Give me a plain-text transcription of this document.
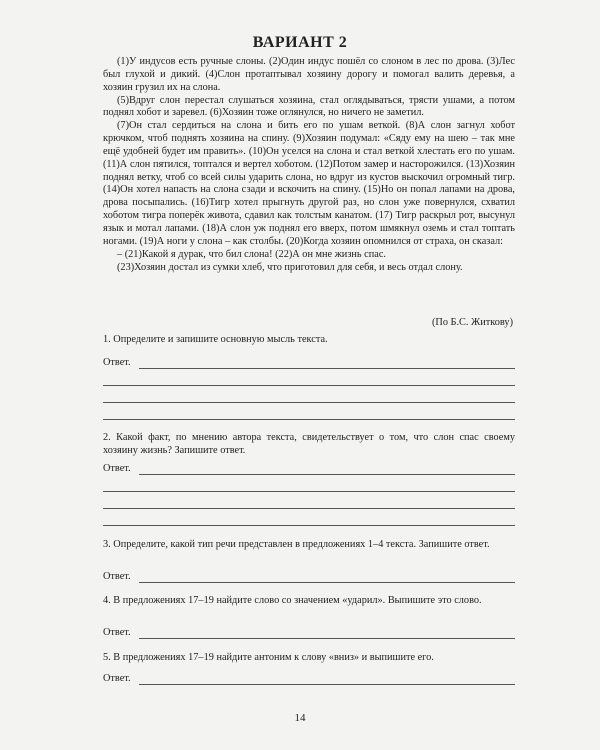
ВАРИАНТ 2

(1)У индусов есть ручные слоны. (2)Один индус пошёл со слоном в лес по дрова. (3)Лес был глухой и дикий. (4)Слон протаптывал хозяину дорогу и помогал валить деревья, а хозяин грузил их на слона.

(5)Вдруг слон перестал слушаться хозяина, стал оглядываться, трясти ушами, а потом поднял хобот и заревел. (6)Хозяин тоже оглянулся, но ничего не заметил.

(7)Он стал сердиться на слона и бить его по ушам веткой. (8)А слон загнул хобот крючком, чтоб поднять хозяина на спину. (9)Хозяин подумал: «Сяду ему на шею – так мне ещё удобней будет им править». (10)Он уселся на слона и стал веткой хлестать его по ушам. (11)А слон пятился, топтался и вертел хоботом. (12)Потом замер и насторожился. (13)Хозяин поднял ветку, чтоб со всей силы ударить слона, но вдруг из кустов выскочил огромный тигр. (14)Он хотел напасть на слона сзади и вскочить на спину. (15)Но он попал лапами на дрова, дрова посыпались. (16)Тигр хотел прыгнуть другой раз, но слон уже повернулся, схватил хоботом тигра поперёк живота, сдавил как толстым канатом. (17) Тигр раскрыл рот, высунул язык и мотал лапами. (18)А слон уж поднял его вверх, потом шмякнул оземь и стал топтать ногами. (19)А ноги у слона – как столбы. (20)Когда хозяин опомнился от страха, он сказал:

– (21)Какой я дурак, что бил слона! (22)А он мне жизнь спас.

(23)Хозяин достал из сумки хлеб, что приготовил для себя, и весь отдал слону.

(По Б.С. Житкову)

1. Определите и запишите основную мысль текста.

Ответ.

2. Какой факт, по мнению автора текста, свидетельствует о том, что слон спас своему хозяину жизнь? Запишите ответ.

Ответ.

3. Определите, какой тип речи представлен в предложениях 1–4 текста. Запишите ответ.

Ответ.

4. В предложениях 17–19 найдите слово со значением «ударил». Выпишите это слово.

Ответ.

5. В предложениях 17–19 найдите антоним к слову «вниз» и выпишите его.

Ответ.
14
